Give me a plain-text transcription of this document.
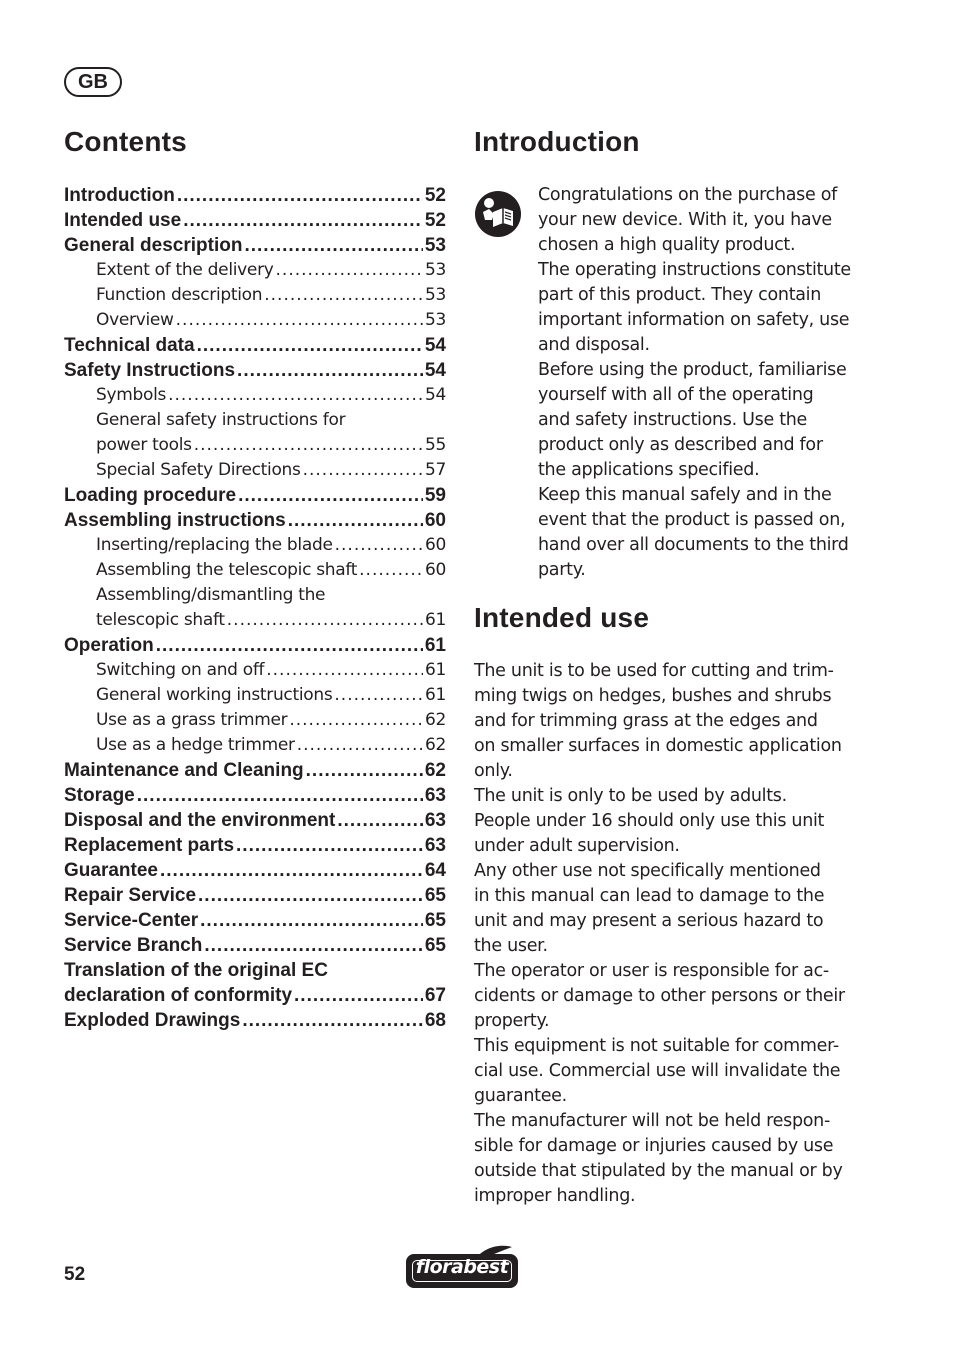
GB
Contents
Introduction .....	52
Intended use .....	52
General description .....	53
Extent of the delivery .....	53
Function description .....	53
Overview .....	53
Technical data .....	54
Safety Instructions .....	54
Symbols .....	54
General safety instructions for
power tools .....	55
Special Safety Directions .....	57
Loading procedure .....	59
Assembling instructions .....	60
Inserting/replacing the blade .....	60
Assembling the telescopic shaft .....	60
Assembling/dismantling the
telescopic shaft .....	61
Operation .....	61
Switching on and off .....	61
General working instructions .....	61
Use as a grass trimmer .....	62
Use as a hedge trimmer .....	62
Maintenance and Cleaning .....	62
Storage .....	63
Disposal and the environment .....	63
Replacement parts .....	63
Guarantee .....	64
Repair Service .....	65
Service-Center .....	65
Service Branch .....	65
Translation of the original EC
declaration of conformity .....	67
Exploded Drawings .....	68
Introduction
Congratulations on the purchase of
your new device. With it, you have
chosen a high quality product.
The operating instructions constitute
part of this product. They contain
important information on safety, use
and disposal.
Before using the product, familiarise
yourself with all of the operating
and safety instructions. Use the
product only as described and for
the applications specified.
Keep this manual safely and in the
event that the product is passed on,
hand over all documents to the third
party.
Intended use
The unit is to be used for cutting and trim-
ming twigs on hedges, bushes and shrubs
and for trimming grass at the edges and
on smaller surfaces in domestic application
only.
The unit is only to be used by adults.
People under 16 should only use this unit
under adult supervision.
Any other use not specifically mentioned
in this manual can lead to damage to the
unit and may present a serious hazard to
the user.
The operator or user is responsible for ac-
cidents or damage to other persons or their
property.
This equipment is not suitable for commer-
cial use. Commercial use will invalidate the
guarantee.
The manufacturer will not be held respon-
sible for damage or injuries caused by use
outside that stipulated by the manual or by
improper handling.
52	florabest
